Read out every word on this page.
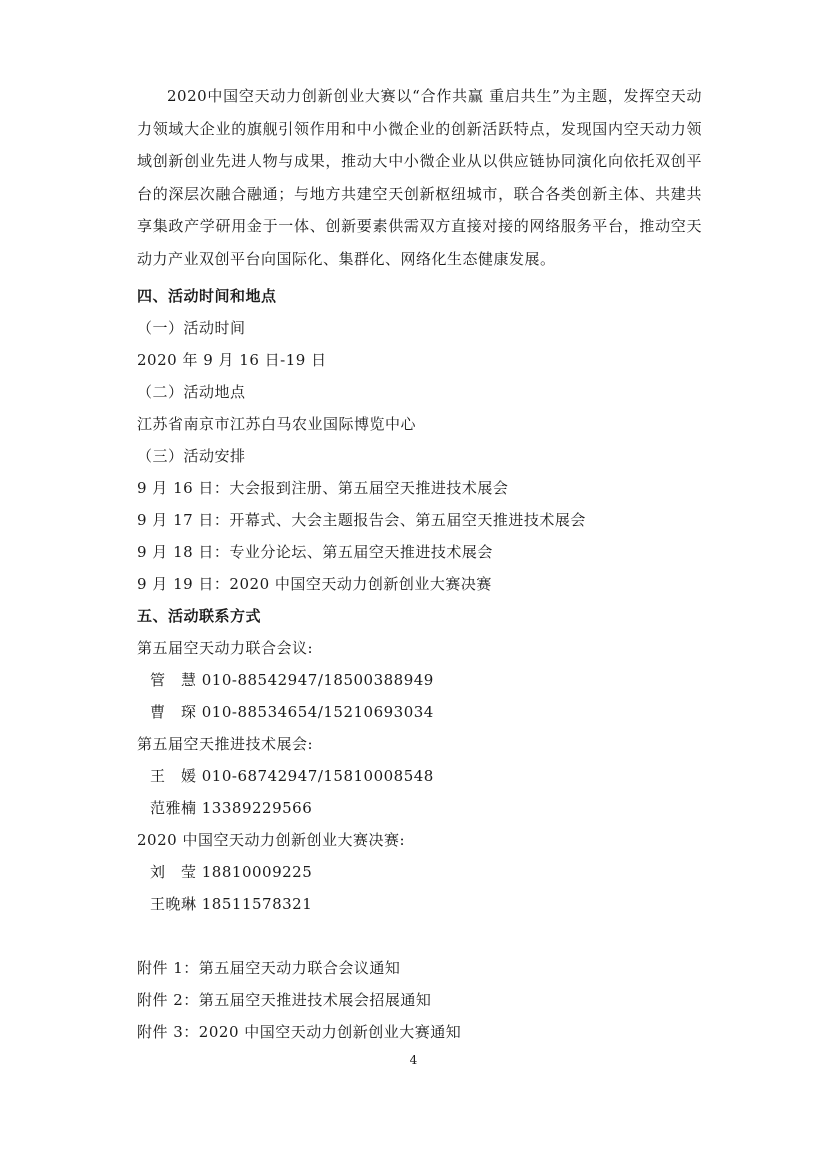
2020中国空天动力创新创业大赛以“合作共赢 重启共生”为主题，发挥空天动力领域大企业的旗舰引领作用和中小微企业的创新活跃特点，发现国内空天动力领域创新创业先进人物与成果，推动大中小微企业从以供应链协同演化向依托双创平台的深层次融合融通；与地方共建空天创新枢纽城市，联合各类创新主体、共建共享集政产学研用金于一体、创新要素供需双方直接对接的网络服务平台，推动空天动力产业双创平台向国际化、集群化、网络化生态健康发展。

四、活动时间和地点
（一）活动时间
2020 年 9 月 16 日-19 日
（二）活动地点
江苏省南京市江苏白马农业国际博览中心
（三）活动安排
9 月 16 日：大会报到注册、第五届空天推进技术展会
9 月 17 日：开幕式、大会主题报告会、第五届空天推进技术展会
9 月 18 日：专业分论坛、第五届空天推进技术展会
9 月 19 日：2020 中国空天动力创新创业大赛决赛
五、活动联系方式
第五届空天动力联合会议:
管　慧 010-88542947/18500388949
曹　琛 010-88534654/15210693034
第五届空天推进技术展会:
王　媛 010-68742947/15810008548
范雅楠 13389229566
2020 中国空天动力创新创业大赛决赛:
刘　莹 18810009225
王晚琳 18511578321
附件 1：第五届空天动力联合会议通知
附件 2：第五届空天推进技术展会招展通知
附件 3：2020 中国空天动力创新创业大赛通知
4
